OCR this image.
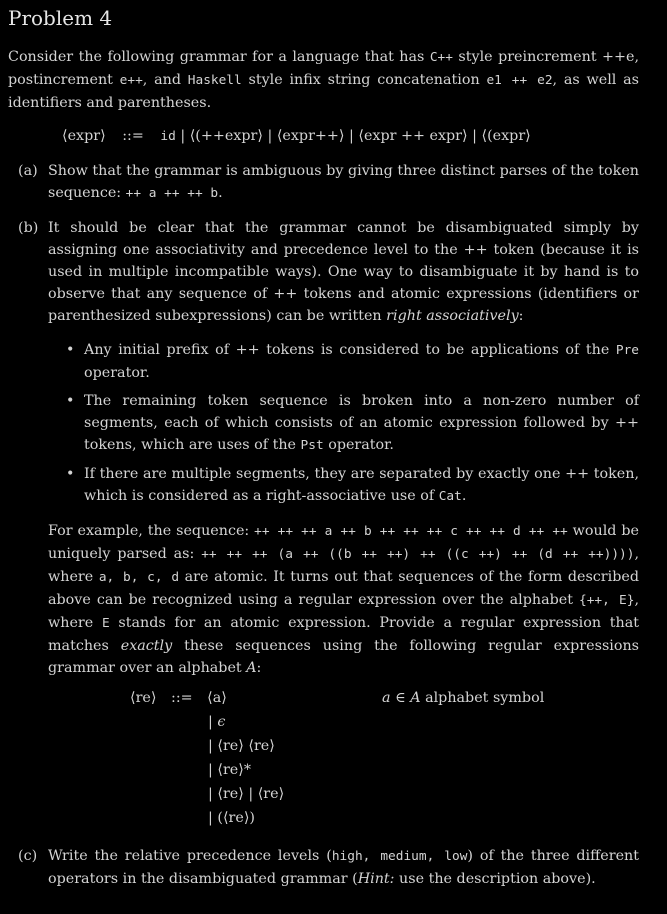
Problem 4

Consider the following grammar for a language that has C++ style preincrement ++e, postincrement e++, and Haskell style infix string concatenation e1 ++ e2, as well as identifiers and parentheses.

⟨ expr ⟩ ::= id | ⟨ (++expr ⟩ | ⟨ expr++ ⟩ | ⟨ expr ++ expr ⟩ | ⟨ (expr ⟩
(a) Show that the grammar is ambiguous by giving three distinct parses of the token sequence: ++ a ++ ++ b.
(b) It should be clear that the grammar cannot be disambiguated simply by assigning one associativity and precedence level to the ++ token (because it is used in multiple incompatible ways). One way to disambiguate it by hand is to observe that any sequence of ++ tokens and atomic expressions (identifiers or parenthesized subexpressions) can be written right associatively:

• Any initial prefix of ++ tokens is considered to be applications of the Pre operator.
• The remaining token sequence is broken into a non-zero number of segments, each of which consists of an atomic expression followed by ++ tokens, which are uses of the Pst operator.
• If there are multiple segments, they are separated by exactly one ++ token, which is considered as a right-associative use of Cat.

For example, the sequence: ++ ++ ++ a ++ b ++ ++ ++ c ++ ++ d ++ ++ would be uniquely parsed as: ++ ++ ++ (a ++ ((b ++ ++) ++ ((c ++) ++ (d ++ ++)))), where a, b, c, d are atomic. It turns out that sequences of the form described above can be recognized using a regular expression over the alphabet {++, E}, where E stands for an atomic expression. Provide a regular expression that matches exactly these sequences using the following regular expressions grammar over an alphabet A:

⟨ re ⟩ ::= ⟨ a ⟩	a ∈ A alphabet symbol
| ϵ
| ⟨re⟩ ⟨re⟩
| ⟨re⟩*
| ⟨re⟩ | ⟨re⟩
| (⟨re⟩)
(c) Write the relative precedence levels (high, medium, low) of the three different operators in the disambiguated grammar (Hint: use the description above).
